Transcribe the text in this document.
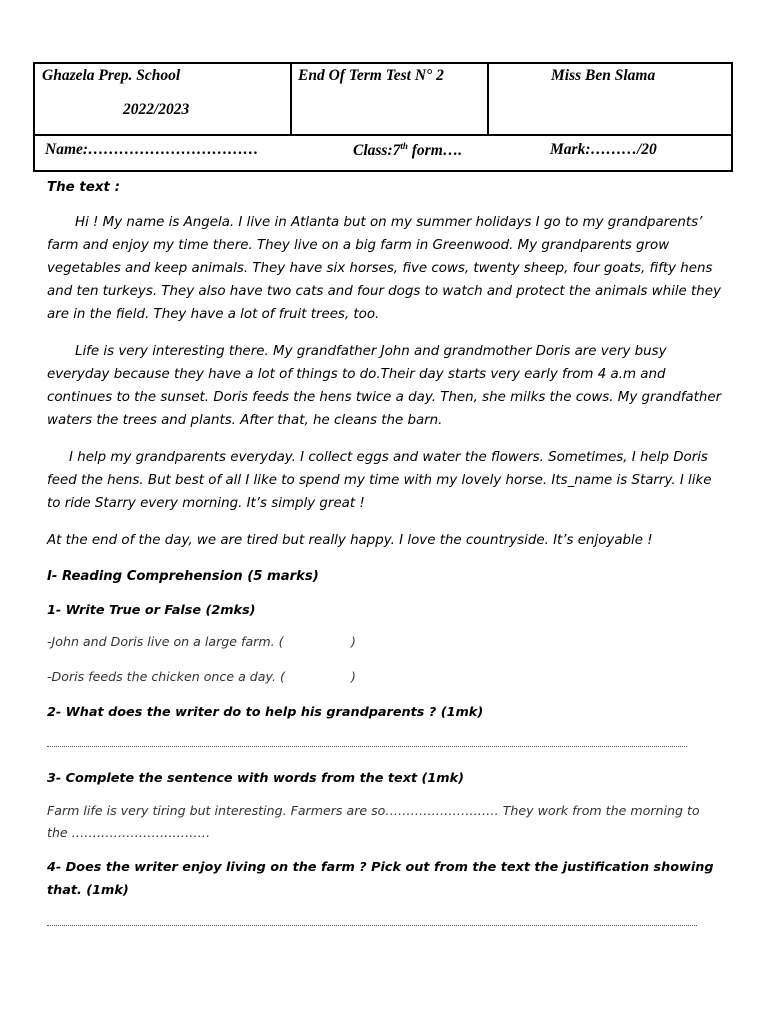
Ghazela Prep. School
2022/2023
End Of Term Test N° 2	Miss Ben Slama
Name:……………………………	Class:7th form….	Mark:………/20

The text :

Hi ! My name is Angela. I live in Atlanta but on my summer holidays I go to my grandparents’ farm and enjoy my time there. They live on a big farm in Greenwood. My grandparents grow vegetables and keep animals. They have six horses, five cows, twenty sheep, four goats, fifty hens and ten turkeys. They also have two cats and four dogs to watch and protect the animals while they are in the field. They have a lot of fruit trees, too.

Life is very interesting there. My grandfather John and grandmother Doris are very busy everyday because they have a lot of things to do.Their day starts very early from 4 a.m and continues to the sunset. Doris feeds the hens twice a day. Then, she milks the cows. My grandfather waters the trees and plants. After that, he cleans the barn.

I help my grandparents everyday. I collect eggs and water the flowers. Sometimes, I help Doris feed the hens. But best of all I like to spend my time with my lovely horse. Its_name is Starry. I like to ride Starry every morning. It’s simply great !

At the end of the day, we are tired but really happy. I love the countryside. It’s enjoyable !

I- Reading Comprehension (5 marks)

1- Write True or False (2mks)

-John and Doris live on a large farm. (	)
-Doris feeds the chicken once a day. (	)

2- What does the writer do to help his grandparents ? (1mk)

3- Complete the sentence with words from the text (1mk)

Farm life is very tiring but interesting. Farmers are so……………………… They work from the morning to
the ……………………………

4- Does the writer enjoy living on the farm ? Pick out from the text the justification showing that. (1mk)
